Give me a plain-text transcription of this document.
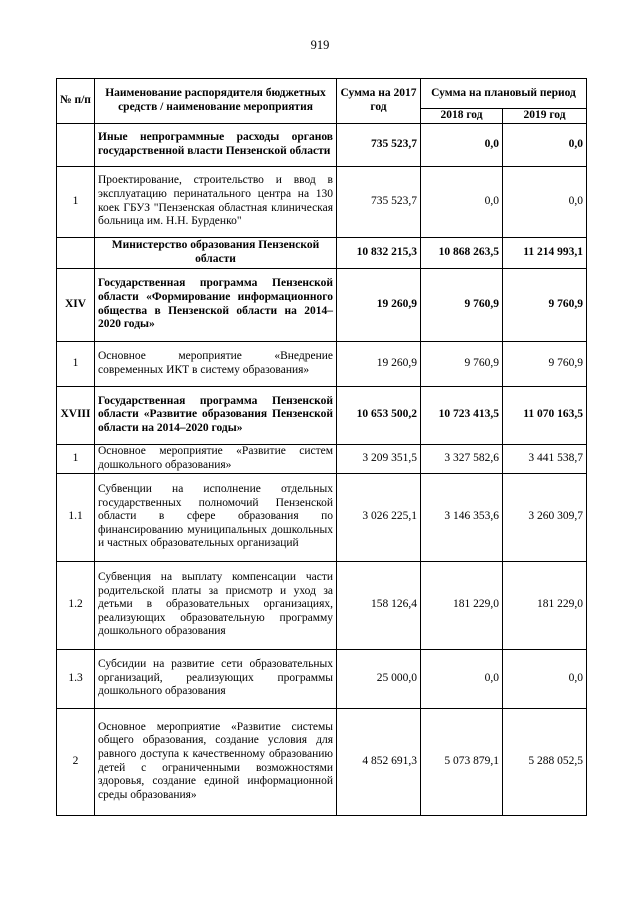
919
№ п/п	Наименование распорядителя бюджетных средств / наименование мероприятия	Сумма на 2017 год	Сумма на плановый период	
			2018 год	2019 год
	Иные непрограммные расходы органов государственной власти Пензенской области	735 523,7	0,0	0,0
1	Проектирование, строительство и ввод в эксплуатацию перинатального центра на 130 коек ГБУЗ "Пензенская областная клиническая больница им. Н.Н. Бурденко"	735 523,7	0,0	0,0
	Министерство образования Пензенской области	10 832 215,3	10 868 263,5	11 214 993,1
XIV	Государственная программа Пензенской области «Формирование информационного общества в Пензенской области на 2014–2020 годы»	19 260,9	9 760,9	9 760,9
1	Основное мероприятие «Внедрение современных ИКТ в систему образования»	19 260,9	9 760,9	9 760,9
XVIII	Государственная программа Пензенской области «Развитие образования Пензенской области на 2014–2020 годы»	10 653 500,2	10 723 413,5	11 070 163,5
1	Основное мероприятие «Развитие систем дошкольного образования»	3 209 351,5	3 327 582,6	3 441 538,7
1.1	Субвенции на исполнение отдельных государственных полномочий Пензенской области в сфере образования по финансированию муниципальных дошкольных и частных образовательных организаций	3 026 225,1	3 146 353,6	3 260 309,7
1.2	Субвенция на выплату компенсации части родительской платы за присмотр и уход за детьми в образовательных организациях, реализующих образовательную программу дошкольного образования	158 126,4	181 229,0	181 229,0
1.3	Субсидии на развитие сети образовательных организаций, реализующих программы дошкольного образования	25 000,0	0,0	0,0
2	Основное мероприятие «Развитие системы общего образования, создание условия для равного доступа к качественному образованию детей с ограниченными возможностями здоровья, создание единой информационной среды образования»	4 852 691,3	5 073 879,1	5 288 052,5
